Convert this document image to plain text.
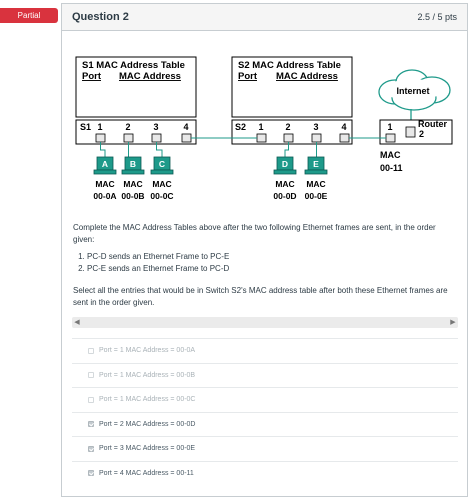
Partial	Question 2	2.5 / 5 pts
S1 MAC Address Table
Port MAC Address
S2 MAC Address Table
Port MAC Address
Internet
S1 1	2	3	4	S2 1 2	3	4	1	Router
2
MAC
00-11
A
MAC
00-0A
B
MAC
00-0B
C
MAC
00-0C
D
MAC
00-0D
E
MAC
00-0E
Complete the MAC Address Tables above after the two following Ethernet frames are sent, in the order given:
1. PC-D sends an Ethernet Frame to PC-E
2. PC-E sends an Ethernet Frame to PC-D
Select all the entries that would be in Switch S2's MAC address table after both these Ethernet frames are sent in the order given.
◀	▶
Port = 1 MAC Address = 00-0A
Port = 1 MAC Address = 00-0B
Port = 1 MAC Address = 00-0C
Port = 2 MAC Address = 00-0D
Port = 3 MAC Address = 00-0E
Port = 4 MAC Address = 00-11
